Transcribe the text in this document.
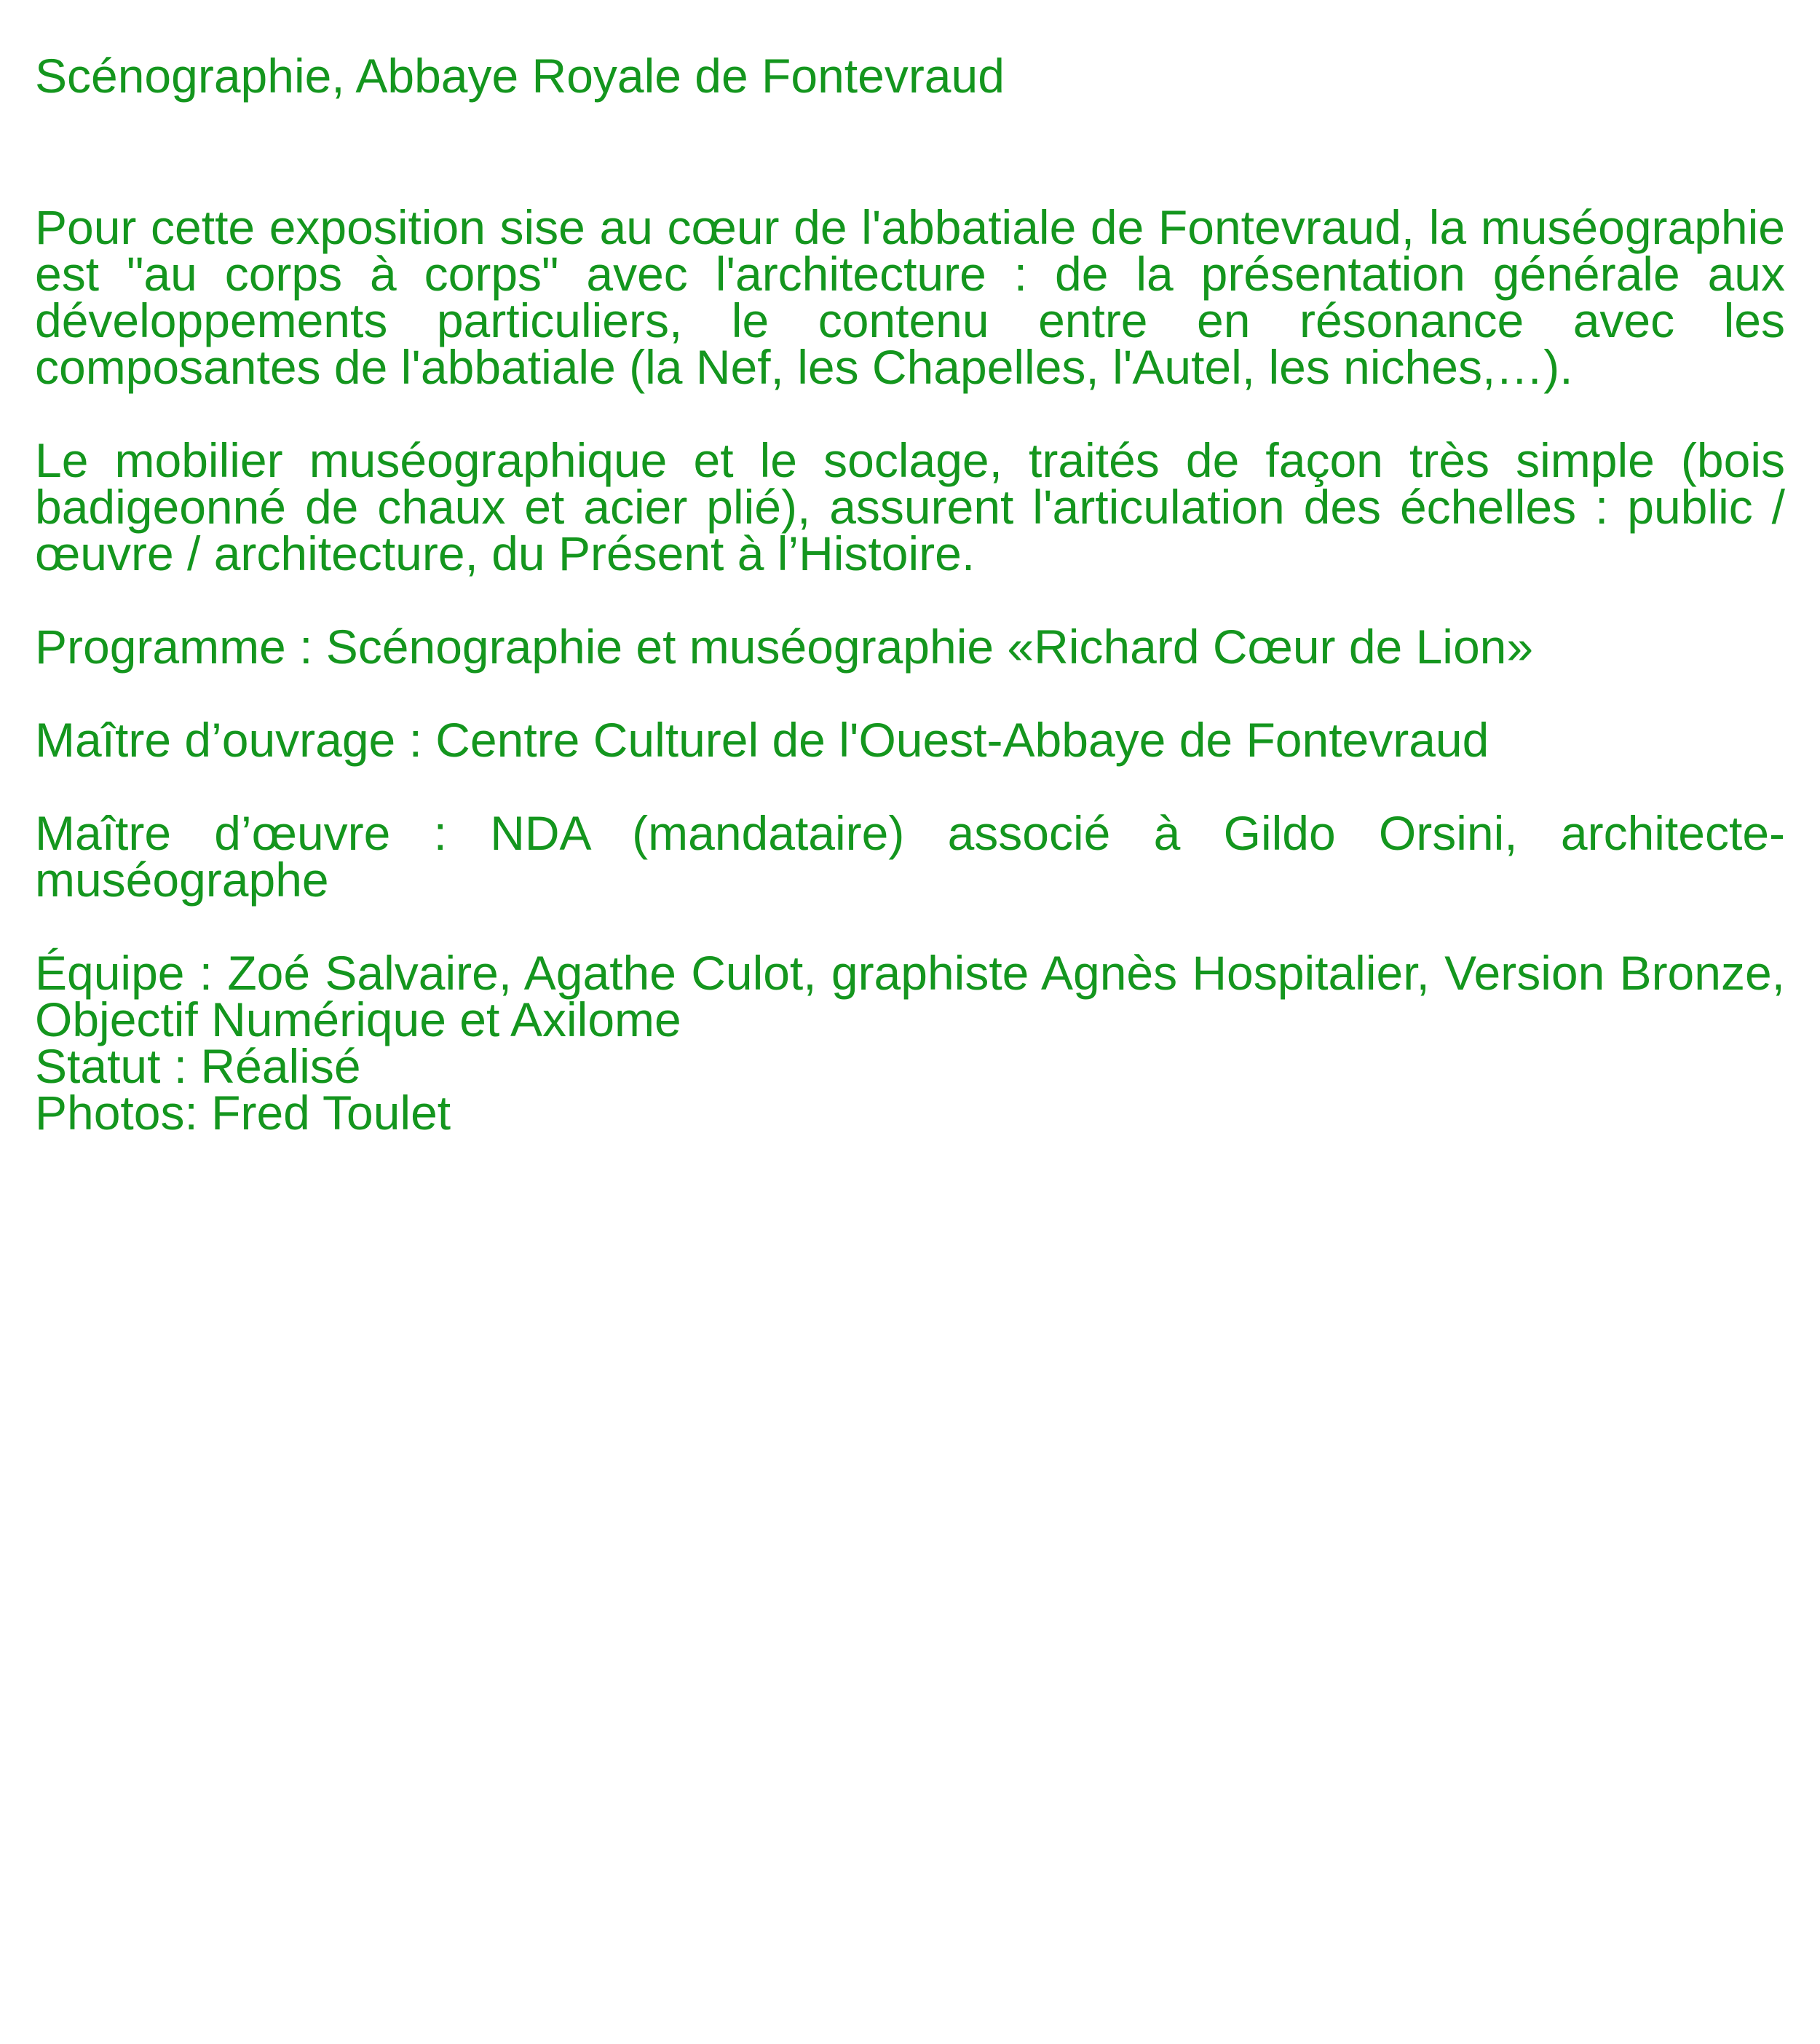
Scénographie, Abbaye Royale de Fontevraud

Pour cette exposition sise au cœur de l'abbatiale de Fontevraud, la muséographie est "au corps à corps" avec l'architecture : de la présentation générale aux développements particuliers, le contenu entre en résonance avec les composantes de l'abbatiale (la Nef, les Chapelles, l'Autel, les niches,…).

Le mobilier muséographique et le soclage, traités de façon très simple (bois badigeonné de chaux et acier plié), assurent l'articulation des échelles : public / œuvre / architecture, du Présent à l’Histoire.

Programme : Scénographie et muséographie «Richard Cœur de Lion»

Maître d’ouvrage : Centre Culturel de l'Ouest-Abbaye de Fontevraud

Maître d’œuvre : NDA (mandataire) associé à Gildo Orsini, architecte-muséographe

Équipe : Zoé Salvaire, Agathe Culot, graphiste Agnès Hospitalier, Version Bronze, Objectif Numérique et Axilome
Statut : Réalisé
Photos: Fred Toulet
